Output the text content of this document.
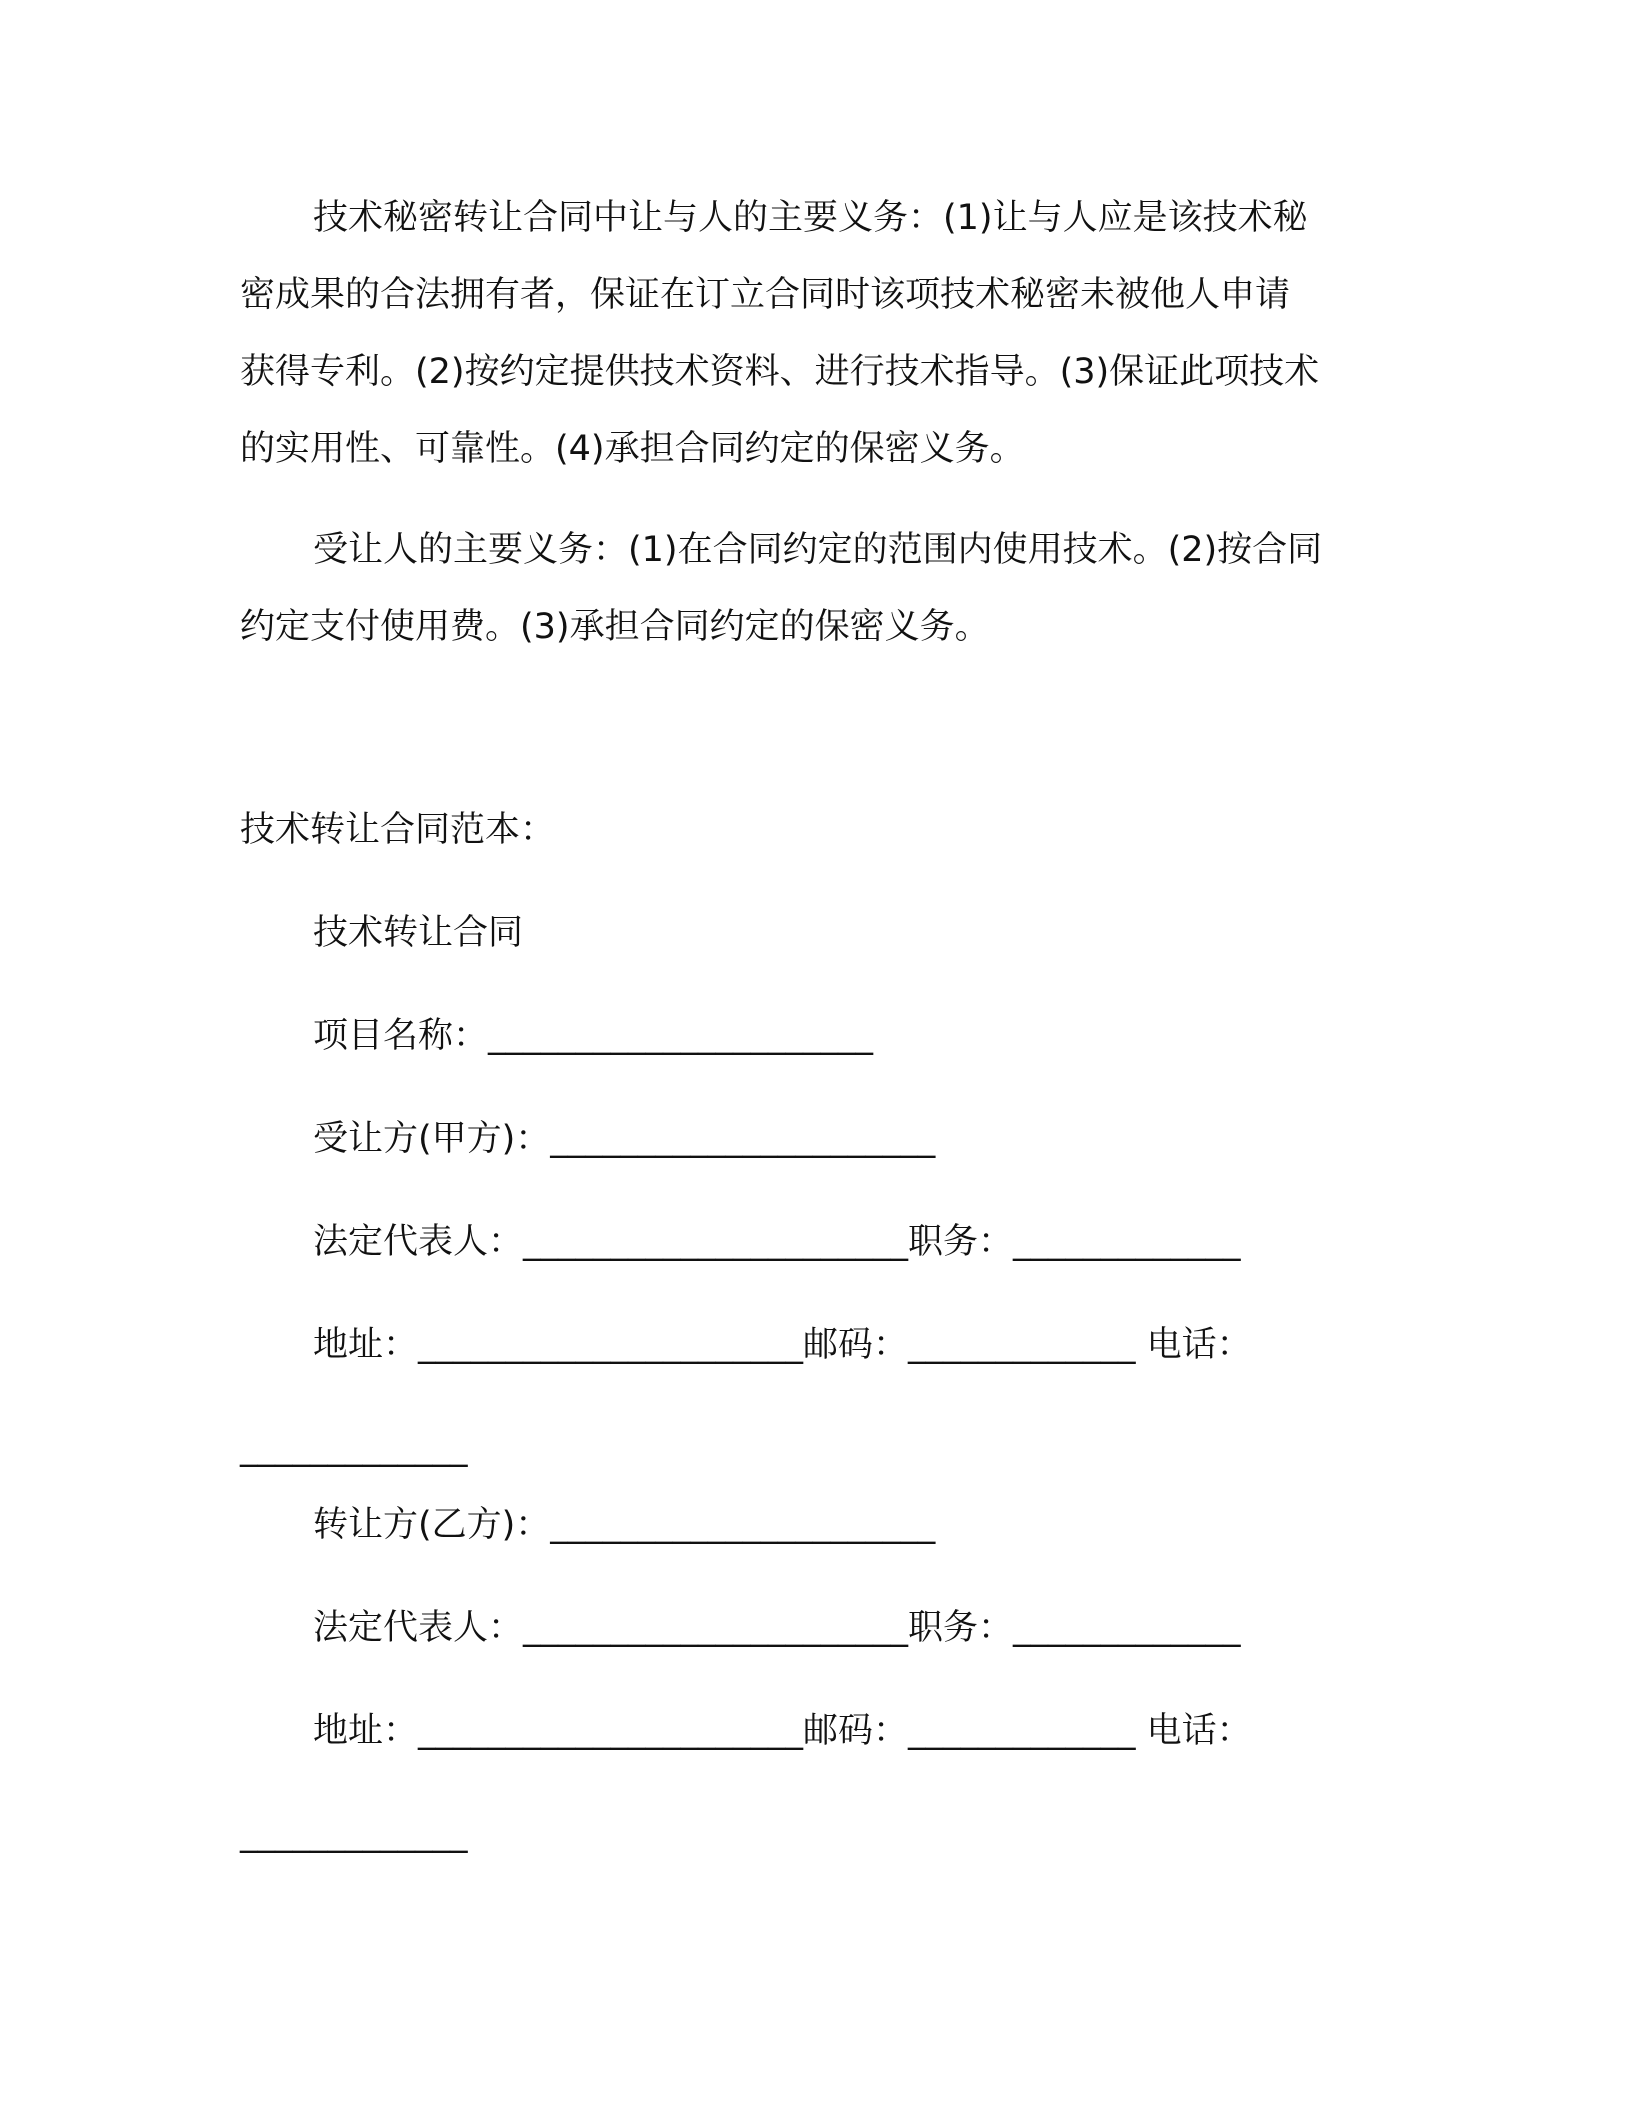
技术秘密转让合同中让与人的主要义务：(1)让与人应是该技术秘
密成果的合法拥有者，保证在订立合同时该项技术秘密未被他人申请
获得专利。(2)按约定提供技术资料、进行技术指导。(3)保证此项技术
的实用性、可靠性。(4)承担合同约定的保密义务。
受让人的主要义务：(1)在合同约定的范围内使用技术。(2)按合同
约定支付使用费。(3)承担合同约定的保密义务。
技术转让合同范本：
技术转让合同
项目名称：______________________
受让方(甲方)：______________________
法定代表人：______________________职务：_____________
地址：______________________邮码：_____________ 电话：
_____________
转让方(乙方)：______________________
法定代表人：______________________职务：_____________
地址：______________________邮码：_____________ 电话：
_____________
